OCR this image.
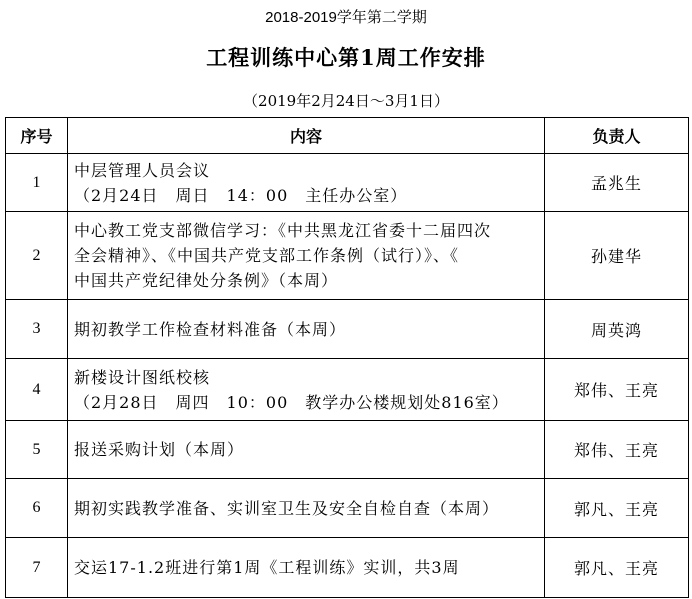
2018-2019学年第二学期
工程训练中心第1周工作安排
（2019年2月24日～3月1日）
序号	内容	负责人
1	中层管理人员会议
（2月24日　周日　14：00　主任办公室）	孟兆生
2	中心教工党支部微信学习：《中共黑龙江省委十二届四次
全会精神》、《中国共产党支部工作条例（试行）》、《
中国共产党纪律处分条例》（本周）	孙建华
3	期初教学工作检查材料准备（本周）	周英鸿
4	新楼设计图纸校核
（2月28日　周四　10：00　教学办公楼规划处816室）	郑伟、王亮
5	报送采购计划（本周）	郑伟、王亮
6	期初实践教学准备、实训室卫生及安全自检自查（本周）	郭凡、王亮
7	交运17-1.2班进行第1周《工程训练》实训，共3周	郭凡、王亮
